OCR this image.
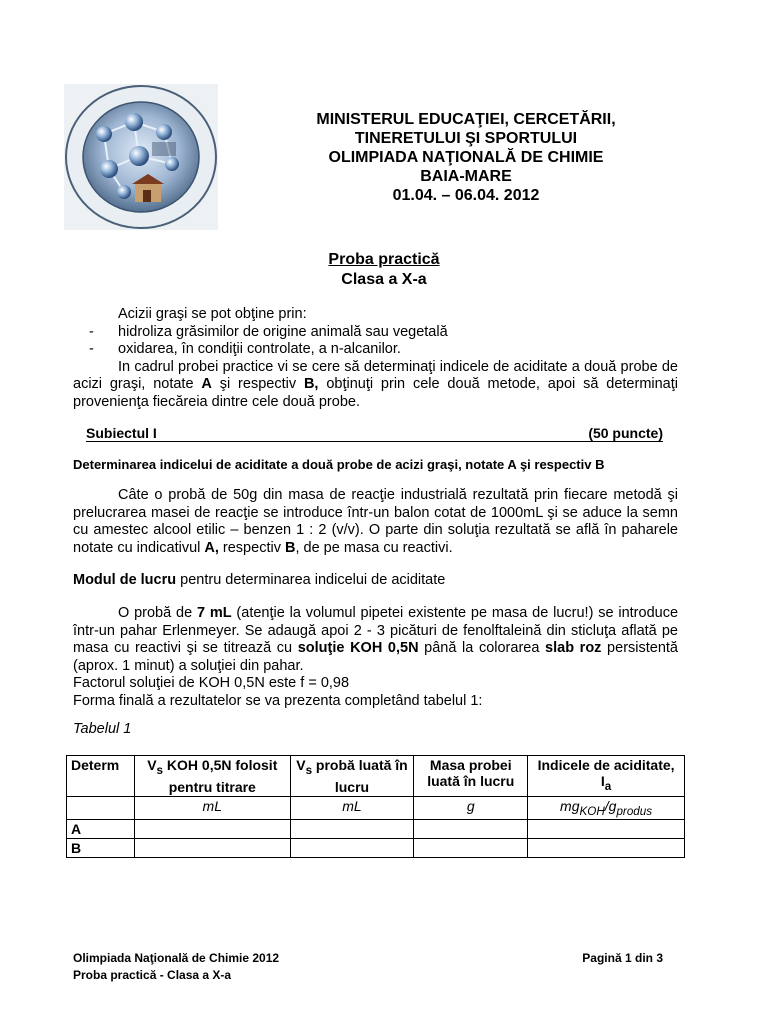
MINISTERUL EDUCAŢIEI, CERCETĂRII,
TINERETULUI ŞI SPORTULUI
OLIMPIADA NAŢIONALĂ DE CHIMIE
BAIA-MARE
01.04. – 06.04. 2012
Proba practică
Clasa a X-a
Acizii graşi se pot obţine prin:
-	hidroliza grăsimilor de origine animală sau vegetală
-	oxidarea, în condiţii controlate, a n-alcanilor.
In cadrul probei practice vi se cere să determinaţi indicele de aciditate a două probe de acizi graşi, notate A şi respectiv B, obţinuţi prin cele două metode, apoi să determinaţi provenienţa fiecăreia dintre cele două probe.
Subiectul I	(50 puncte)
Determinarea indicelui de aciditate a două probe de acizi graşi, notate A şi respectiv B
Câte o probă de 50g din masa de reacţie industrială rezultată prin fiecare metodă şi prelucrarea masei de reacţie se introduce într-un balon cotat de 1000mL şi se aduce la semn cu amestec alcool etilic – benzen 1 : 2 (v/v). O parte din soluţia rezultată se află în paharele notate cu indicativul A, respectiv B, de pe masa cu reactivi.
Modul de lucru pentru determinarea indicelui de aciditate
O probă de 7 mL (atenţie la volumul pipetei existente pe masa de lucru!) se introduce într-un pahar Erlenmeyer. Se adaugă apoi 2 - 3 picături de fenolftaleină din sticluţa aflată pe masa cu reactivi şi se titrează cu soluţie KOH 0,5N până la colorarea slab roz persistentă (aprox. 1 minut) a soluţiei din pahar.
Factorul soluţiei de KOH 0,5N este f = 0,98
Forma finală a rezultatelor se va prezenta completând tabelul 1:
Tabelul 1
Determ	$V_s$ KOH 0,5N folosit pentru titrare	$V_s$ probă luată în lucru	Masa probei luată în lucru	Indicele de aciditate, $I_a$
	mL	mL	g	$mg_{KOH}/g_{produs}$
A				
B				
Olimpiada Naţională de Chimie 2012
Proba practică - Clasa a X-a
Pagină 1 din 3
